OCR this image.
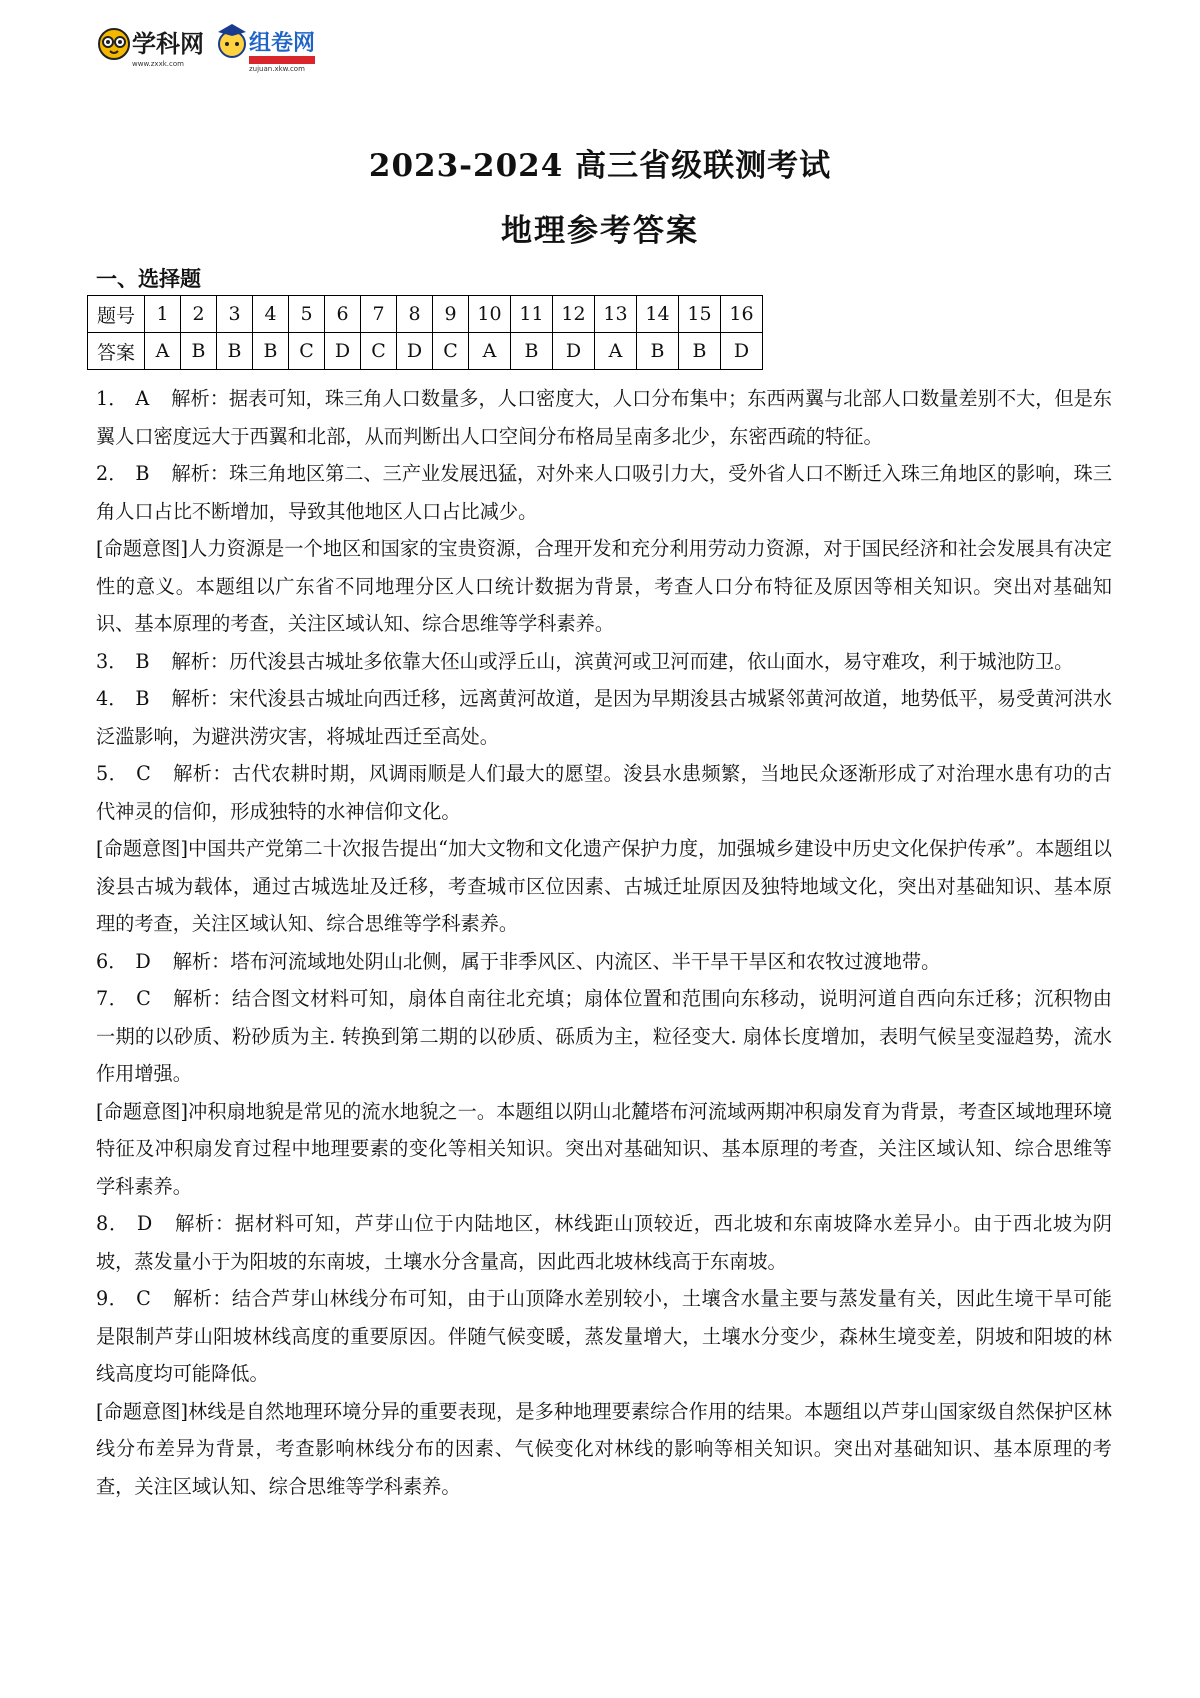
学科网
www.zxxk.com
组卷网
zujuan.xkw.com
2023-2024 高三省级联测考试
地理参考答案
一、选择题
题号	1	2	3	4	5	6	7	8	9	10	11	12	13	14	15	16
答案	A	B	B	B	C	D	C	D	C	A	B	D	A	B	B	D

1． A 解析：据表可知，珠三角人口数量多，人口密度大，人口分布集中；东西两翼与北部人口数量差别不大，但是东翼人口密度远大于西翼和北部，从而判断出人口空间分布格局呈南多北少，东密西疏的特征。

2． B 解析：珠三角地区第二、三产业发展迅猛，对外来人口吸引力大，受外省人口不断迁入珠三角地区的影响，珠三角人口占比不断增加，导致其他地区人口占比减少。

[命题意图]人力资源是一个地区和国家的宝贵资源，合理开发和充分利用劳动力资源，对于国民经济和社会发展具有决定性的意义。本题组以广东省不同地理分区人口统计数据为背景，考查人口分布特征及原因等相关知识。突出对基础知识、基本原理的考查，关注区域认知、综合思维等学科素养。

3． B 解析：历代浚县古城址多依靠大伾山或浮丘山，滨黄河或卫河而建，依山面水，易守难攻，利于城池防卫。

4． B 解析：宋代浚县古城址向西迁移，远离黄河故道，是因为早期浚县古城紧邻黄河故道，地势低平，易受黄河洪水泛滥影响，为避洪涝灾害，将城址西迁至高处。

5． C 解析：古代农耕时期，风调雨顺是人们最大的愿望。浚县水患频繁，当地民众逐渐形成了对治理水患有功的古代神灵的信仰，形成独特的水神信仰文化。

[命题意图]中国共产党第二十次报告提出“加大文物和文化遗产保护力度，加强城乡建设中历史文化保护传承”。本题组以浚县古城为载体，通过古城选址及迁移，考查城市区位因素、古城迁址原因及独特地域文化，突出对基础知识、基本原理的考查，关注区域认知、综合思维等学科素养。

6． D 解析：塔布河流域地处阴山北侧，属于非季风区、内流区、半干旱干旱区和农牧过渡地带。

7． C 解析：结合图文材料可知，扇体自南往北充填；扇体位置和范围向东移动，说明河道自西向东迁移；沉积物由一期的以砂质、粉砂质为主. 转换到第二期的以砂质、砾质为主，粒径变大. 扇体长度增加，表明气候呈变湿趋势，流水作用增强。

[命题意图]冲积扇地貌是常见的流水地貌之一。本题组以阴山北麓塔布河流域两期冲积扇发育为背景，考查区域地理环境特征及冲积扇发育过程中地理要素的变化等相关知识。突出对基础知识、基本原理的考查，关注区域认知、综合思维等学科素养。

8． D 解析：据材料可知，芦芽山位于内陆地区，林线距山顶较近，西北坡和东南坡降水差异小。由于西北坡为阴坡，蒸发量小于为阳坡的东南坡，土壤水分含量高，因此西北坡林线高于东南坡。

9． C 解析：结合芦芽山林线分布可知，由于山顶降水差别较小，土壤含水量主要与蒸发量有关，因此生境干旱可能是限制芦芽山阳坡林线高度的重要原因。伴随气候变暖，蒸发量增大，土壤水分变少，森林生境变差，阴坡和阳坡的林线高度均可能降低。

[命题意图]林线是自然地理环境分异的重要表现，是多种地理要素综合作用的结果。本题组以芦芽山国家级自然保护区林线分布差异为背景，考查影响林线分布的因素、气候变化对林线的影响等相关知识。突出对基础知识、基本原理的考查，关注区域认知、综合思维等学科素养。
